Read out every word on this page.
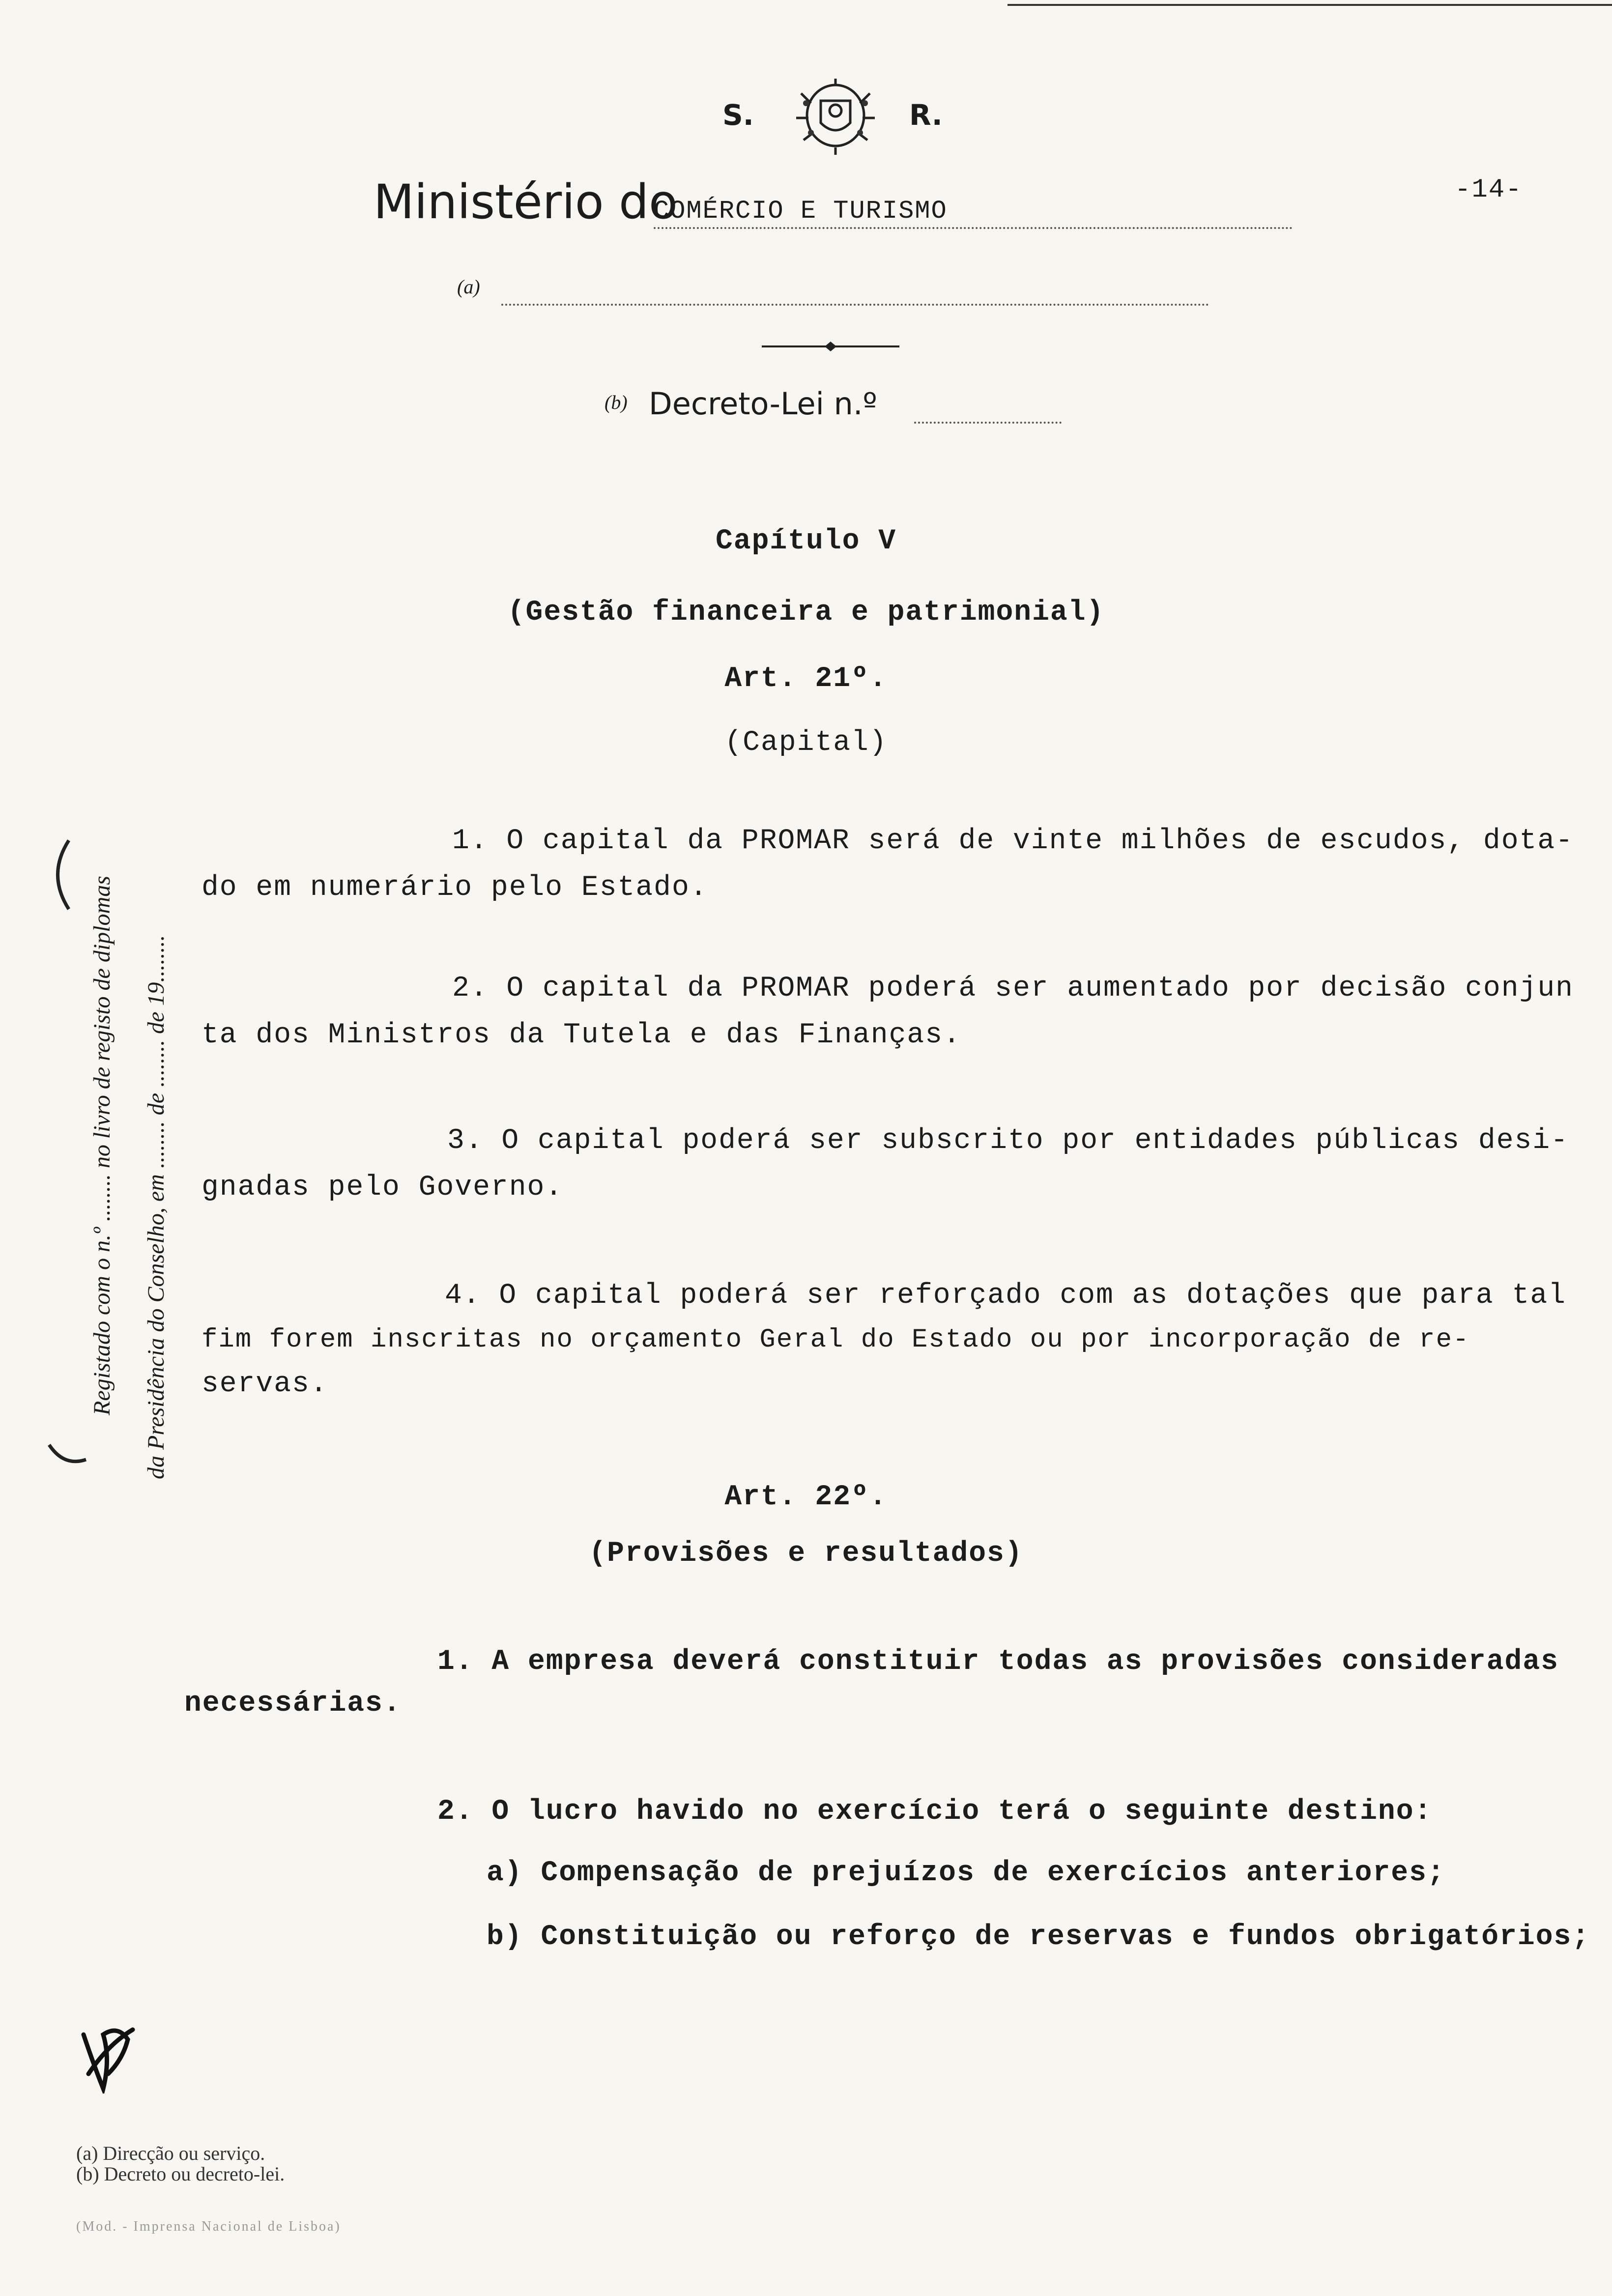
S.	R.
-14-
Ministério do
COMÉRCIO E TURISMO
(a)
(b) Decreto-Lei n.º
Registado com o n.º ........ no livro de registo de diplomas da Presidência do Conselho, em ........ de ........ de 19........
Capítulo V
(Gestão financeira e patrimonial)
Art. 21º.
(Capital)
1. O capital da PROMAR será de vinte milhões de escudos, dota-
do em numerário pelo Estado.
2. O capital da PROMAR poderá ser aumentado por decisão conjun
ta dos Ministros da Tutela e das Finanças.
3. O capital poderá ser subscrito por entidades públicas desi-
gnadas pelo Governo.
4. O capital poderá ser reforçado com as dotações que para tal
fim forem inscritas no orçamento Geral do Estado ou por incorporação de re-
servas.
Art. 22º.
(Provisões e resultados)
1. A empresa deverá constituir todas as provisões consideradas
necessárias.
2. O lucro havido no exercício terá o seguinte destino:
a) Compensação de prejuízos de exercícios anteriores;
b) Constituição ou reforço de reservas e fundos obrigatórios;
(a) Direcção ou serviço.
(b) Decreto ou decreto-lei.
(Mod. - Imprensa Nacional de Lisboa)
